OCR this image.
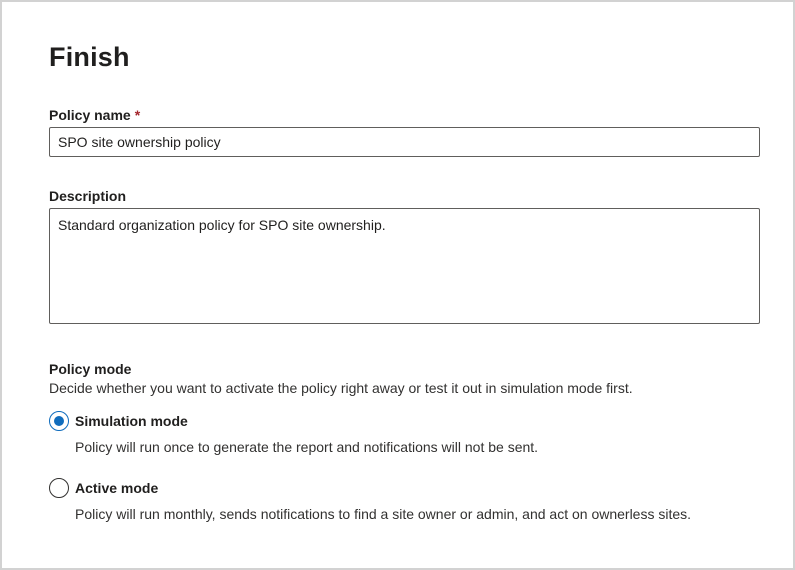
Finish
Policy name *
SPO site ownership policy
Description
Standard organization policy for SPO site ownership.
Policy mode
Decide whether you want to activate the policy right away or test it out in simulation mode first.
Simulation mode
Policy will run once to generate the report and notifications will not be sent.
Active mode
Policy will run monthly, sends notifications to find a site owner or admin, and act on ownerless sites.
